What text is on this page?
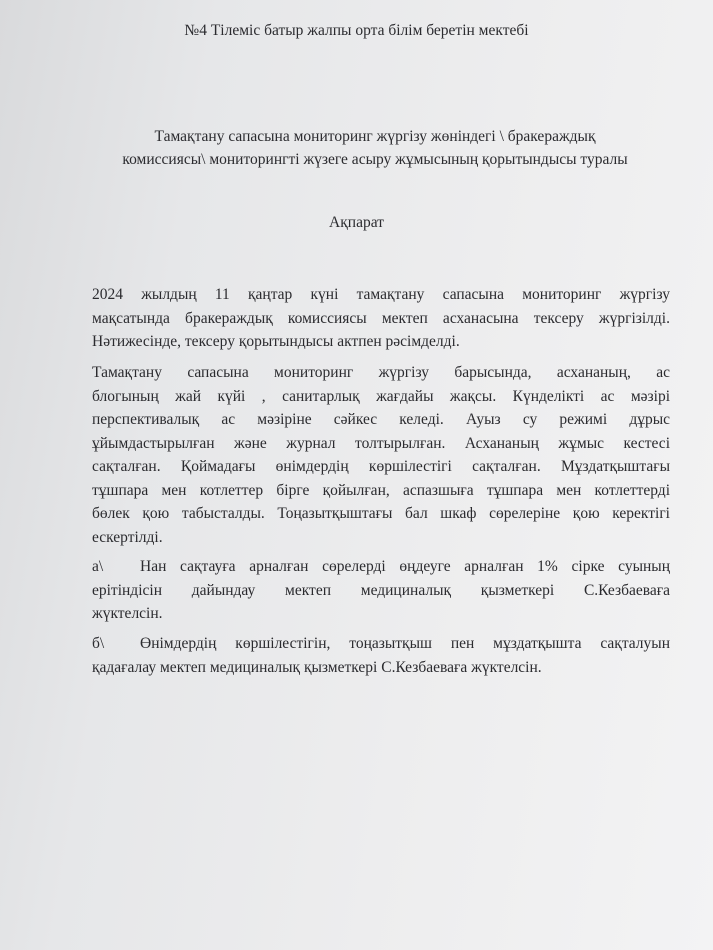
№4 Тілеміс батыр жалпы орта білім беретін мектебі

Тамақтану сапасына мониторинг жүргізу жөніндегі \ бракераждық
комиссиясы\ мониторингті жүзеге асыру жұмысының қорытындысы туралы

Ақпарат

2024 жылдың 11 қаңтар күні тамақтану сапасына мониторинг жүргізу
мақсатында бракераждық комиссиясы мектеп асханасына тексеру жүргізілді.
Нәтижесінде, тексеру қорытындысы актпен рәсімделді.

Тамақтану сапасына мониторинг жүргізу барысында, асхананың, ас
блогының жай күйі , санитарлық жағдайы жақсы. Күнделікті ас мәзірі
перспективалық ас мәзіріне сәйкес келеді. Ауыз су режимі дұрыс
ұйымдастырылған және журнал толтырылған. Асхананың жұмыс кестесі
сақталған. Қоймадағы өнімдердің көршілестігі сақталған. Мұздатқыштағы
тұшпара мен котлеттер бірге қойылған, аспазшыға тұшпара мен котлеттерді
бөлек қою табысталды. Тоңазытқыштағы бал шкаф сөрелеріне қою керектігі
ескертілді.

а\ Нан сақтауға арналған сөрелерді өңдеуге арналған 1% сірке суының
ерітіндісін дайындау мектеп медициналық қызметкері С.Кезбаеваға
жүктелсін.

б\ Өнімдердің көршілестігін, тоңазытқыш пен мұздатқышта сақталуын
қадағалау мектеп медициналық қызметкері С.Кезбаеваға жүктелсін.
